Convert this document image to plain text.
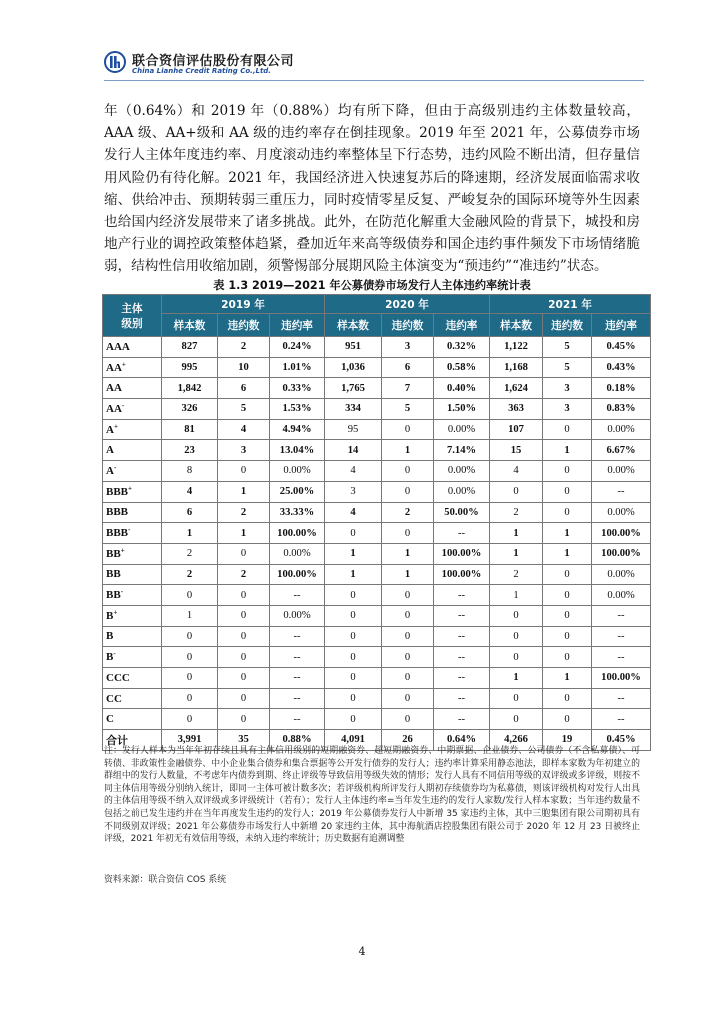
联合资信评估股份有限公司
China Lianhe Credit Rating Co.,Ltd.

年（0.64%）和 2019 年（0.88%）均有所下降，但由于高级别违约主体数量较高，AAA 级、AA+级和 AA 级的违约率存在倒挂现象。2019 年至 2021 年，公募债券市场发行人主体年度违约率、月度滚动违约率整体呈下行态势，违约风险不断出清，但存量信用风险仍有待化解。2021 年，我国经济进入快速复苏后的降速期，经济发展面临需求收缩、供给冲击、预期转弱三重压力，同时疫情零星反复、严峻复杂的国际环境等外生因素也给国内经济发展带来了诸多挑战。此外，在防范化解重大金融风险的背景下，城投和房地产行业的调控政策整体趋紧，叠加近年来高等级债券和国企违约事件频发下市场情绪脆弱，结构性信用收缩加剧，须警惕部分展期风险主体演变为“预违约”“准违约”状态。

表 1.3 2019—2021 年公募债券市场发行人主体违约率统计表
主体
级别	2019 年			2020 年			2021 年		
	样本数	违约数	违约率	样本数	违约数	违约率	样本数	违约数	违约率
AAA	827	2	0.24%	951	3	0.32%	1,122	5	0.45%
AA+	995	10	1.01%	1,036	6	0.58%	1,168	5	0.43%
AA	1,842	6	0.33%	1,765	7	0.40%	1,624	3	0.18%
AA-	326	5	1.53%	334	5	1.50%	363	3	0.83%
A+	81	4	4.94%	95	0	0.00%	107	0	0.00%
A	23	3	13.04%	14	1	7.14%	15	1	6.67%
A-	8	0	0.00%	4	0	0.00%	4	0	0.00%
BBB+	4	1	25.00%	3	0	0.00%	0	0	--
BBB	6	2	33.33%	4	2	50.00%	2	0	0.00%
BBB-	1	1	100.00%	0	0	--	1	1	100.00%
BB+	2	0	0.00%	1	1	100.00%	1	1	100.00%
BB	2	2	100.00%	1	1	100.00%	2	0	0.00%
BB-	0	0	--	0	0	--	1	0	0.00%
B+	1	0	0.00%	0	0	--	0	0	--
B	0	0	--	0	0	--	0	0	--
B-	0	0	--	0	0	--	0	0	--
CCC	0	0	--	0	0	--	1	1	100.00%
CC	0	0	--	0	0	--	0	0	--
C	0	0	--	0	0	--	0	0	--
合计	3,991	35	0.88%	4,091	26	0.64%	4,266	19	0.45%
注：发行人样本为当年年初存续且具有主体信用级别的短期融资券、超短期融资券、中期票据、企业债券、公司债券（不含私募债）、可转债、非政策性金融债券、中小企业集合债券和集合票据等公开发行债券的发行人；违约率计算采用静态池法，即样本家数为年初建立的群组中的发行人数量，不考虑年内债券到期、终止评级等导致信用等级失效的情形；发行人具有不同信用等级的双评级或多评级，则按不同主体信用等级分别纳入统计，即同一主体可被计数多次；若评级机构所评发行人期初存续债券均为私募债，则该评级机构对发行人出具的主体信用等级不纳入双评级或多评级统计（若有）；发行人主体违约率=当年发生违约的发行人家数/发行人样本家数；当年违约数量不包括之前已发生违约并在当年再度发生违约的发行人；2019 年公募债券发行人中新增 35 家违约主体，其中三胞集团有限公司期初具有不同级别双评级；2021 年公募债券市场发行人中新增 20 家违约主体，其中海航酒店控股集团有限公司于 2020 年 12 月 23 日被终止评级，2021 年初无有效信用等级，未纳入违约率统计；历史数据有追溯调整
资料来源：联合资信 COS 系统
4
